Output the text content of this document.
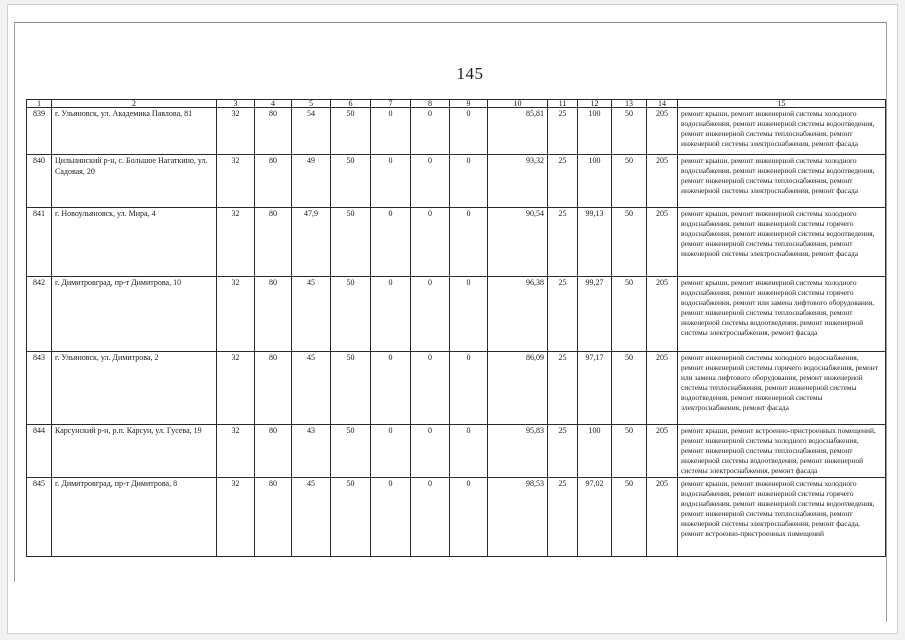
145
1	2	3	4	5	6	7	8	9	10	11	12	13	14	15
839	г. Ульяновск, ул. Академика Павлова, 81	32	80	54	50	0	0	0	85,81	25	100	50	205	ремонт крыши, ремонт инженерной системы холодного водоснабжения, ремонт инженерной системы водоотведения, ремонт инженерной системы теплоснабжения, ремонт инженерной системы электроснабжения, ремонт фасада
840	Цильнинский р-н, с. Большое Нагаткино, ул. Садовая, 20	32	80	49	50	0	0	0	93,32	25	100	50	205	ремонт крыши, ремонт инженерной системы холодного водоснабжения, ремонт инженерной системы водоотведения, ремонт инженерной системы теплоснабжения, ремонт инженерной системы электроснабжения, ремонт фасада
841	г. Новоульяновск, ул. Мира, 4	32	80	47,9	50	0	0	0	90,54	25	99,13	50	205	ремонт крыши, ремонт инженерной системы холодного водоснабжения, ремонт инженерной системы горячего водоснабжения, ремонт инженерной системы водоотведения, ремонт инженерной системы теплоснабжения, ремонт инженерной системы электроснабжения, ремонт фасада
842	г. Димитровград, пр-т Димитрова, 10	32	80	45	50	0	0	0	96,38	25	99,27	50	205	ремонт крыши, ремонт инженерной системы холодного водоснабжения, ремонт инженерной системы горячего водоснабжения, ремонт или замена лифтового оборудования, ремонт инженерной системы теплоснабжения, ремонт инженерной системы водоотведения, ремонт инженерной системы электроснабжения, ремонт фасада
843	г. Ульяновск, ул. Димитрова, 2	32	80	45	50	0	0	0	86,09	25	97,17	50	205	ремонт инженерной системы холодного водоснабжения, ремонт инженерной системы горячего водоснабжения, ремонт или замена лифтового оборудования, ремонт инженерной системы теплоснабжения, ремонт инженерной системы водоотведения, ремонт инженерной системы электроснабжения, ремонт фасада
844	Карсунский р-н, р.п. Карсун, ул. Гусева, 19	32	80	43	50	0	0	0	95,83	25	100	50	205	ремонт крыши, ремонт встроенно-пристроенных помещений, ремонт инженерной системы холодного водоснабжения, ремонт инженерной системы теплоснабжения, ремонт инженерной системы водоотведения, ремонт инженерной системы электроснабжения, ремонт фасада
845	г. Димитровград, пр-т Димитрова, 8	32	80	45	50	0	0	0	98,53	25	97,02	50	205	ремонт крыши, ремонт инженерной системы холодного водоснабжения, ремонт инженерной системы горячего водоснабжения, ремонт инженерной системы водоотведения, ремонт инженерной системы теплоснабжения, ремонт инженерной системы электроснабжения, ремонт фасада, ремонт встроенно-пристроенных помещений
